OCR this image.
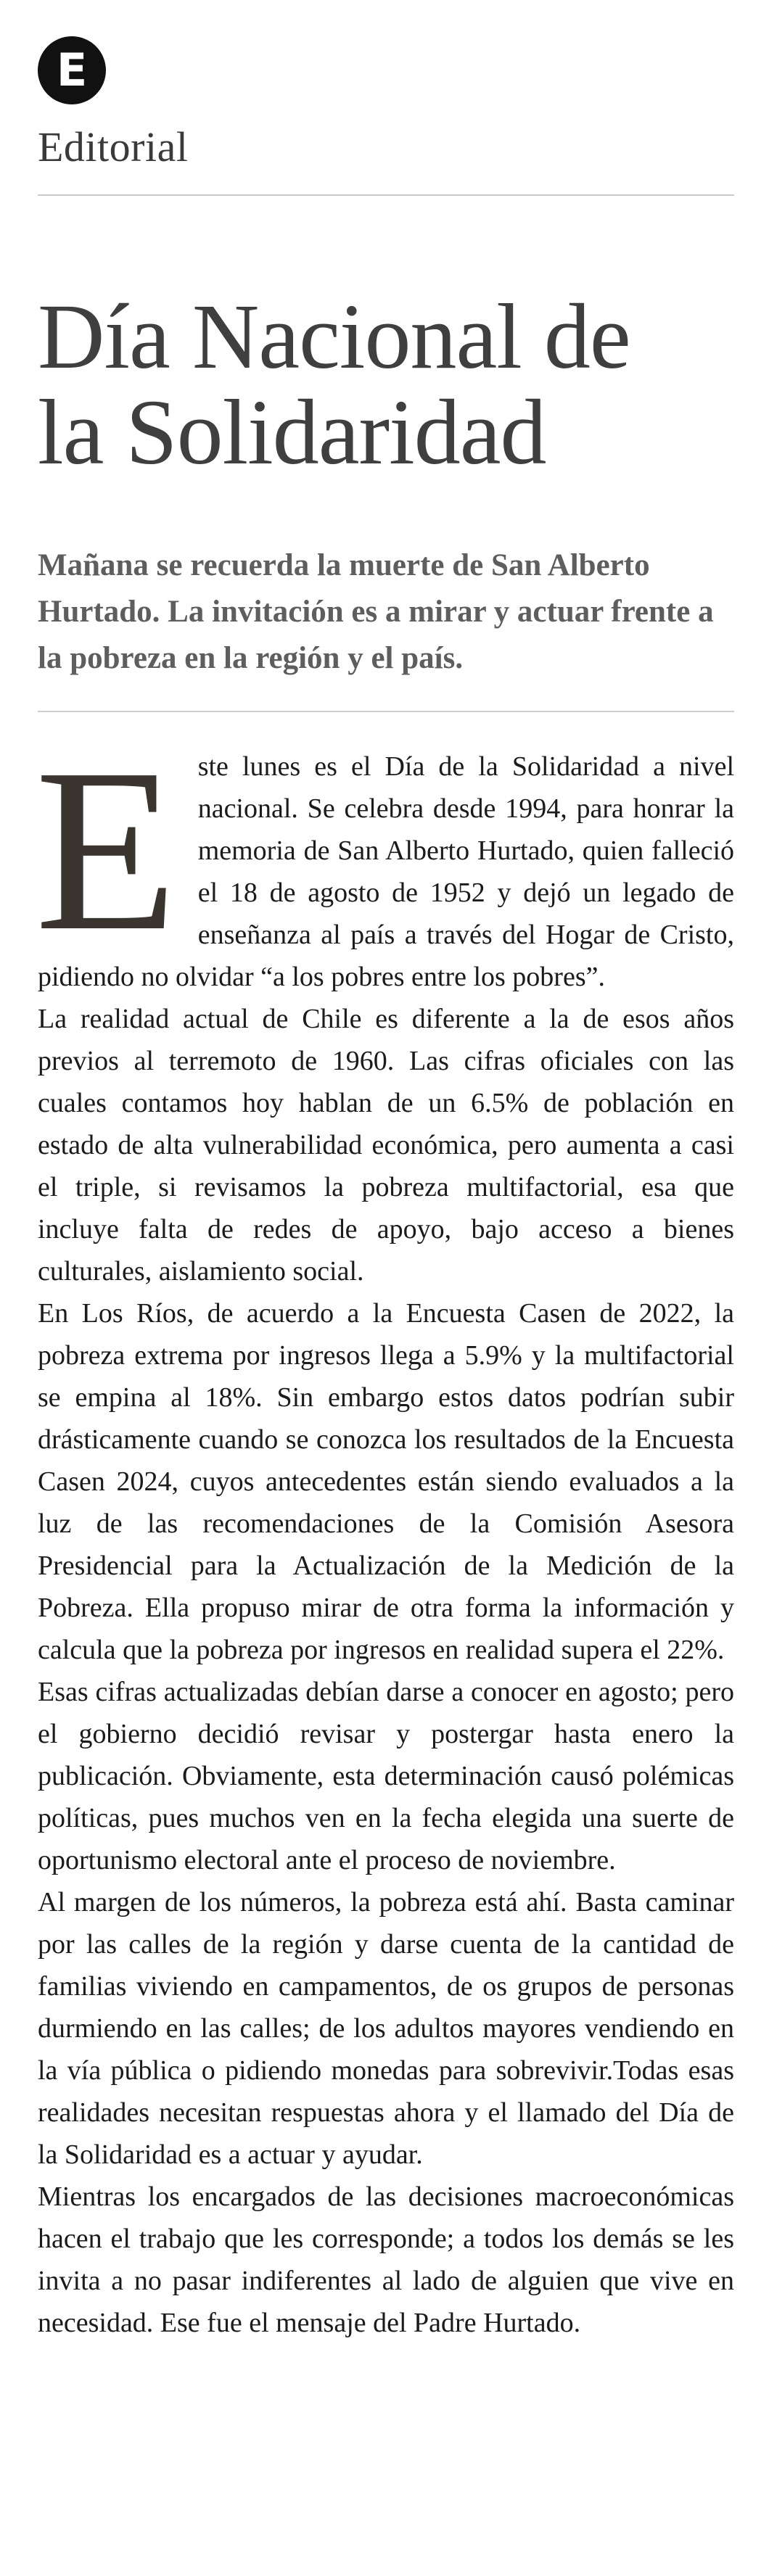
E
Editorial
Día Nacional de
la Solidaridad
Mañana se recuerda la muerte de San Alberto Hurtado. La invitación es a mirar y actuar frente a la pobreza en la región y el país.
E ste lunes es el Día de la Solidaridad a nivel nacional. Se celebra desde 1994, para honrar la memoria de San Alberto Hurtado, quien falleció el 18 de agosto de 1952 y dejó un legado de enseñanza al país a través del Hogar de Cristo, pidiendo no olvidar “a los pobres entre los pobres”.

La realidad actual de Chile es diferente a la de esos años previos al terremoto de 1960. Las cifras oficiales con las cuales contamos hoy hablan de un 6.5% de población en estado de alta vulnerabilidad económica, pero aumenta a casi el triple, si revisamos la pobreza multifactorial, esa que incluye falta de redes de apoyo, bajo acceso a bienes culturales, aislamiento social.

En Los Ríos, de acuerdo a la Encuesta Casen de 2022, la pobreza extrema por ingresos llega a 5.9% y la multifactorial se empina al 18%. Sin embargo estos datos podrían subir drásticamente cuando se conozca los resultados de la Encuesta Casen 2024, cuyos antecedentes están siendo evaluados a la luz de las recomendaciones de la Comisión Asesora Presidencial para la Actualización de la Medición de la Pobreza. Ella propuso mirar de otra forma la información y calcula que la pobreza por ingresos en realidad supera el 22%.

Esas cifras actualizadas debían darse a conocer en agosto; pero el gobierno decidió revisar y postergar hasta enero la publicación. Obviamente, esta determinación causó polémicas políticas, pues muchos ven en la fecha elegida una suerte de oportunismo electoral ante el proceso de noviembre.

Al margen de los números, la pobreza está ahí. Basta caminar por las calles de la región y darse cuenta de la cantidad de familias viviendo en campamentos, de os grupos de personas durmiendo en las calles; de los adultos mayores vendiendo en la vía pública o pidiendo monedas para sobrevivir.Todas esas realidades necesitan respuestas ahora y el llamado del Día de la Solidaridad es a actuar y ayudar.

Mientras los encargados de las decisiones macroeconómicas hacen el trabajo que les corresponde; a todos los demás se les invita a no pasar indiferentes al lado de alguien que vive en necesidad. Ese fue el mensaje del Padre Hurtado.
